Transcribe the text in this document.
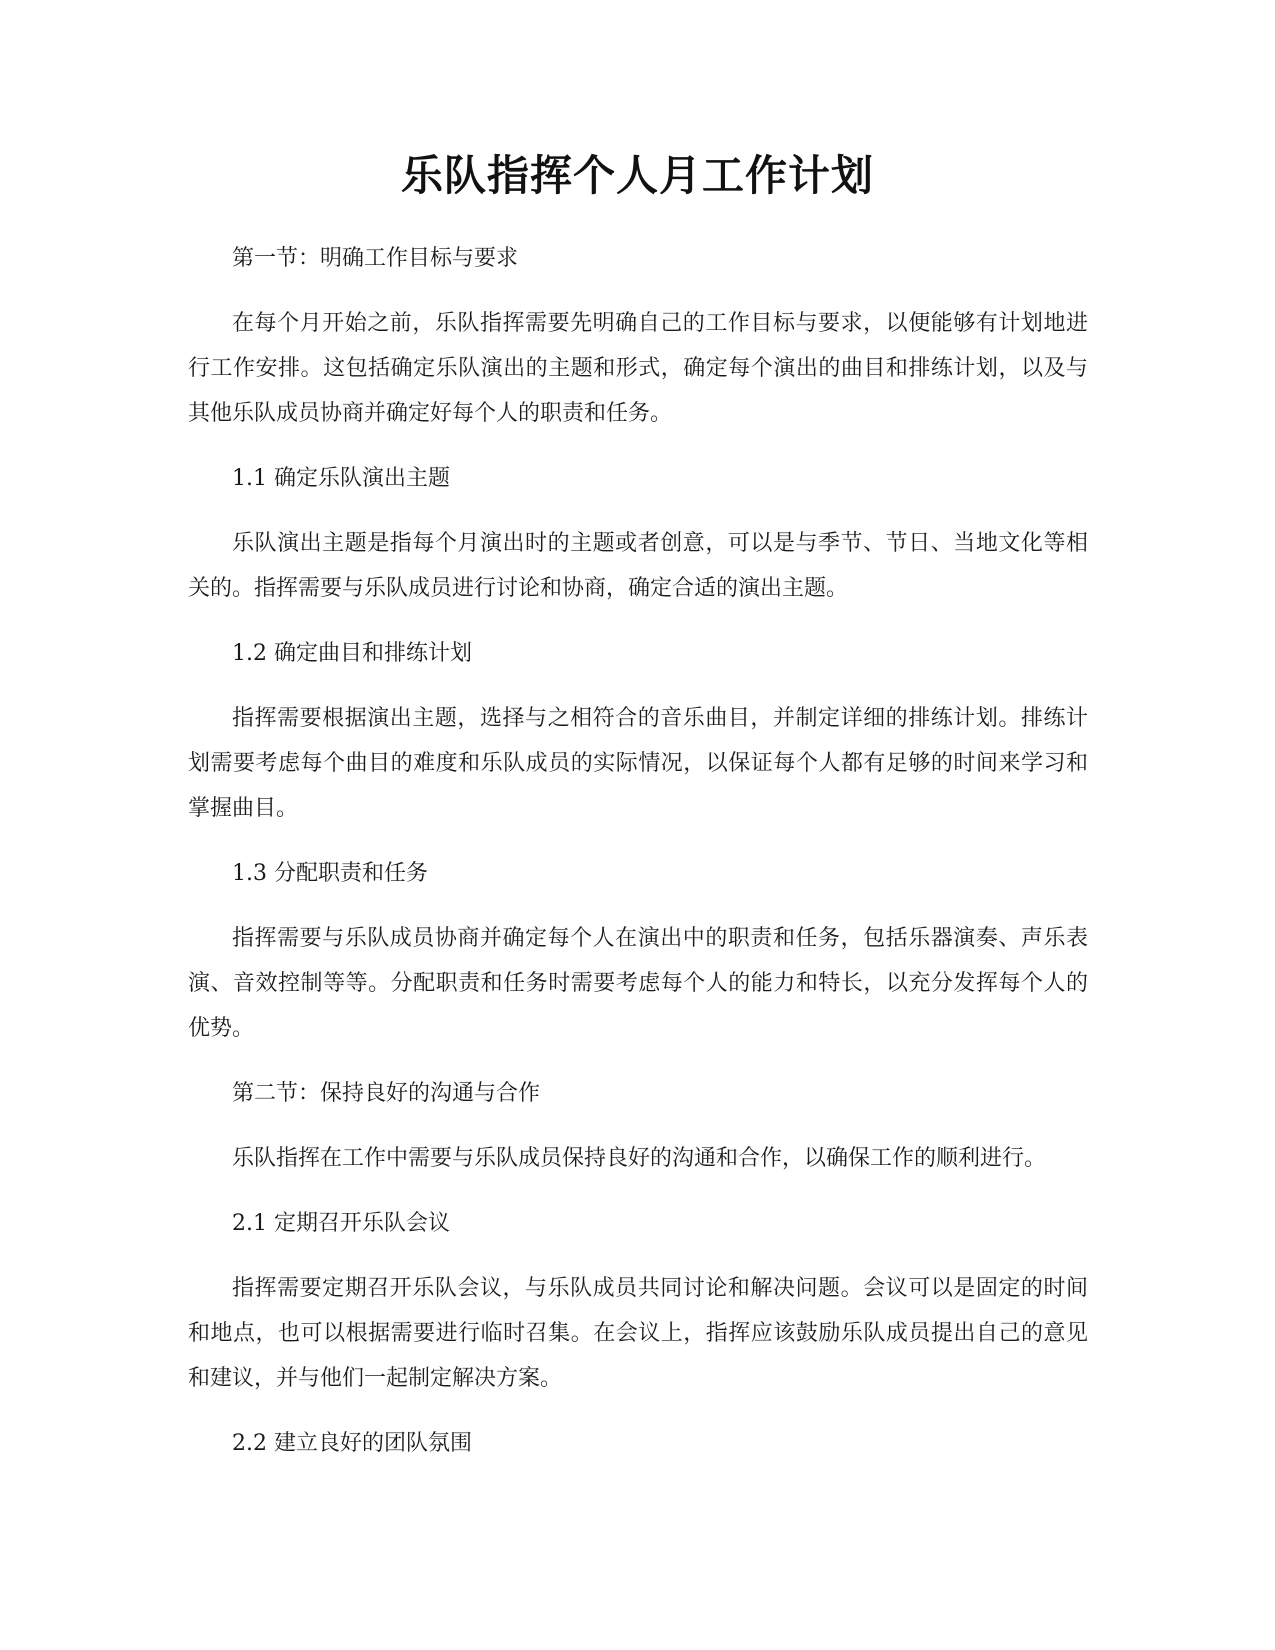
乐队指挥个人月工作计划

第一节：明确工作目标与要求

在每个月开始之前，乐队指挥需要先明确自己的工作目标与要求，以便能够有计划地进行工作安排。这包括确定乐队演出的主题和形式，确定每个演出的曲目和排练计划，以及与其他乐队成员协商并确定好每个人的职责和任务。

1.1 确定乐队演出主题

乐队演出主题是指每个月演出时的主题或者创意，可以是与季节、节日、当地文化等相关的。指挥需要与乐队成员进行讨论和协商，确定合适的演出主题。

1.2 确定曲目和排练计划

指挥需要根据演出主题，选择与之相符合的音乐曲目，并制定详细的排练计划。排练计划需要考虑每个曲目的难度和乐队成员的实际情况，以保证每个人都有足够的时间来学习和掌握曲目。

1.3 分配职责和任务

指挥需要与乐队成员协商并确定每个人在演出中的职责和任务，包括乐器演奏、声乐表演、音效控制等等。分配职责和任务时需要考虑每个人的能力和特长，以充分发挥每个人的优势。

第二节：保持良好的沟通与合作

乐队指挥在工作中需要与乐队成员保持良好的沟通和合作，以确保工作的顺利进行。

2.1 定期召开乐队会议

指挥需要定期召开乐队会议，与乐队成员共同讨论和解决问题。会议可以是固定的时间和地点，也可以根据需要进行临时召集。在会议上，指挥应该鼓励乐队成员提出自己的意见和建议，并与他们一起制定解决方案。

2.2 建立良好的团队氛围
